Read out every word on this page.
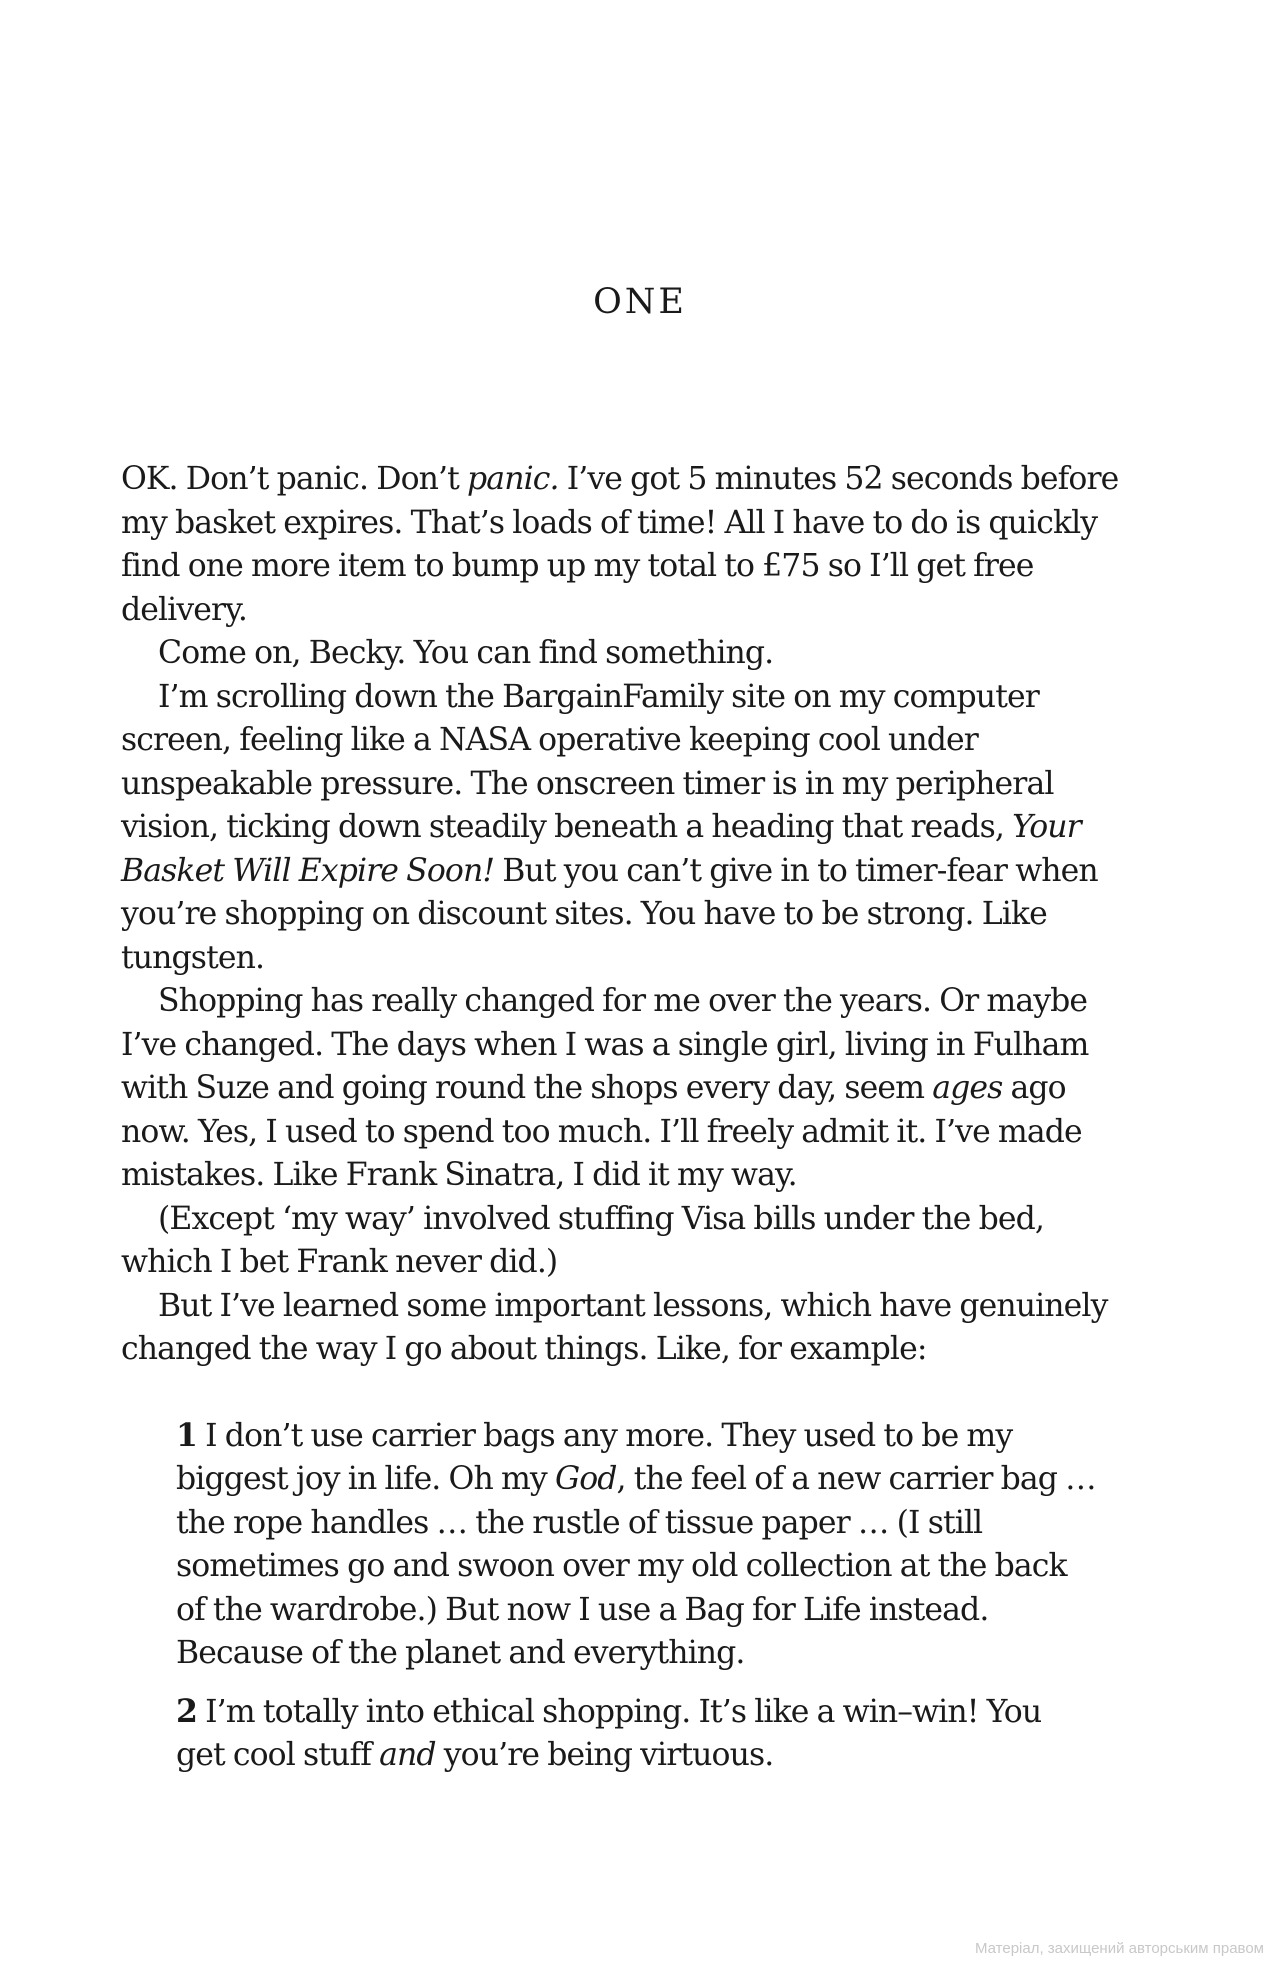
ONE

OK. Don’t panic. Don’t panic. I’ve got 5 minutes 52 seconds before

my basket expires. That’s loads of time! All I have to do is quickly

find one more item to bump up my total to £75 so I’ll get free

delivery.

Come on, Becky. You can find something.

I’m scrolling down the BargainFamily site on my computer

screen, feeling like a NASA operative keeping cool under

unspeakable pressure. The onscreen timer is in my peripheral

vision, ticking down steadily beneath a heading that reads, Your

Basket Will Expire Soon! But you can’t give in to timer-fear when

you’re shopping on discount sites. You have to be strong. Like

tungsten.

Shopping has really changed for me over the years. Or maybe

I’ve changed. The days when I was a single girl, living in Fulham

with Suze and going round the shops every day, seem ages ago

now. Yes, I used to spend too much. I’ll freely admit it. I’ve made

mistakes. Like Frank Sinatra, I did it my way.

(Except ‘my way’ involved stuffing Visa bills under the bed,

which I bet Frank never did.)

But I’ve learned some important lessons, which have genuinely

changed the way I go about things. Like, for example:

1 I don’t use carrier bags any more. They used to be my

biggest joy in life. Oh my God, the feel of a new carrier bag …

the rope handles … the rustle of tissue paper … (I still

sometimes go and swoon over my old collection at the back

of the wardrobe.) But now I use a Bag for Life instead.

Because of the planet and everything.

2 I’m totally into ethical shopping. It’s like a win–win! You

get cool stuff and you’re being virtuous.

Матеріал, захищений авторським правом
